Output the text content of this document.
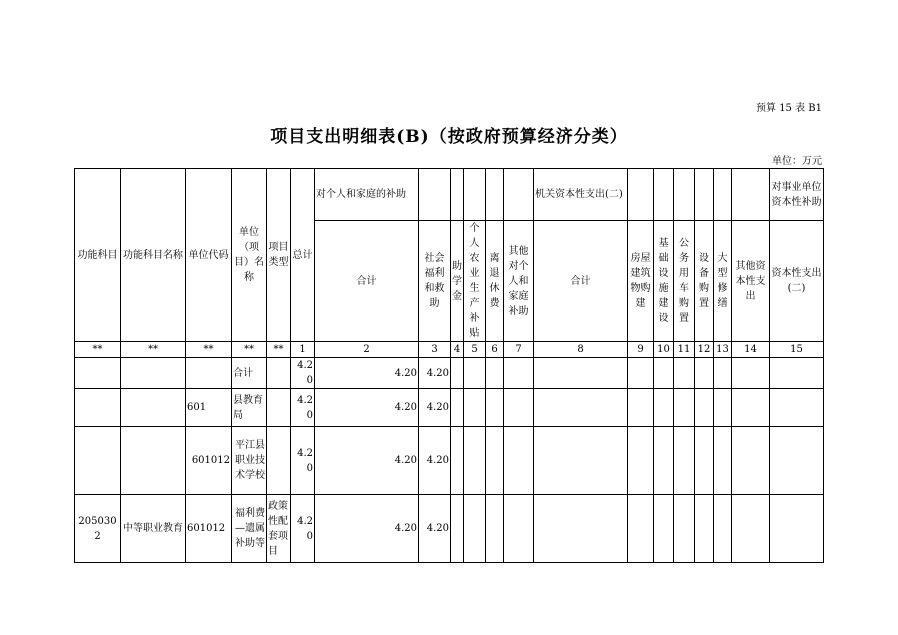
预算 15 表 B1
项目支出明细表(B)（按政府预算经济分类）
单位：万元
功能科目	功能科目名称	单位代码	单位（项目）名称	项目类型	总计	对个人和家庭的补助						机关资本性支出(二)							对事业单位资本性补助
						合计	社会福利和救助	助学金	个人农业生产补贴	离退休费	其他对个人和家庭补助	合计	房屋建筑物购建	基础设施建设	公务用车购置	设备购置	大型修缮	其他资本性支出	资本性支出(二)
**	**	**	**	**	1	2	3	4	5	6	7	8	9	10	11	12	13	14	15
			合计		4.20	4.20	4.20												
		601	县教育局		4.20	4.20	4.20												
		601012	平江县职业技术学校		4.20	4.20	4.20												
2050302	中等职业教育	601012	福利费—遗属补助等	政策性配套项目	4.20	4.20	4.20												
